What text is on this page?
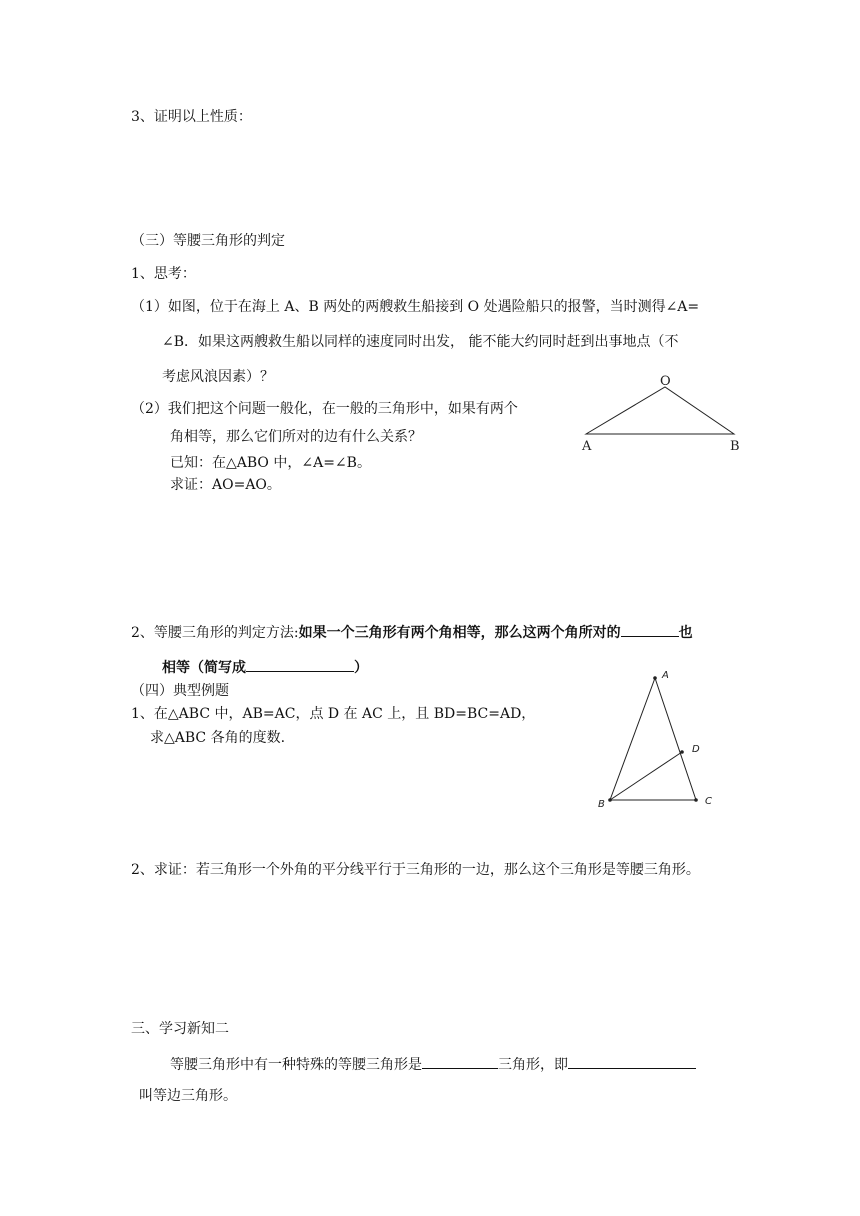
3、证明以上性质：
（三）等腰三角形的判定
1、思考：
（1）如图，位于在海上 A、B 两处的两艘救生船接到 O 处遇险船只的报警，当时测得∠A=
∠B．如果这两艘救生船以同样的速度同时出发， 能不能大约同时赶到出事地点（不
考虑风浪因素）？
（2）我们把这个问题一般化，在一般的三角形中，如果有两个
角相等，那么它们所对的边有什么关系？
已知：在△ABO 中，∠A=∠B。
求证：AO=AO。
O
A	B
2、等腰三角形的判定方法:如果一个三角形有两个角相等，那么这两个角所对的	也
相等（简写成	）
（四）典型例题
1、在△ABC 中，AB=AC，点 D 在 AC 上，且 BD=BC=AD，
求△ABC 各角的度数.
A
B	C
D
2、求证：若三角形一个外角的平分线平行于三角形的一边，那么这个三角形是等腰三角形。
三、学习新知二
等腰三角形中有一种特殊的等腰三角形是	三角形，即
叫等边三角形。
